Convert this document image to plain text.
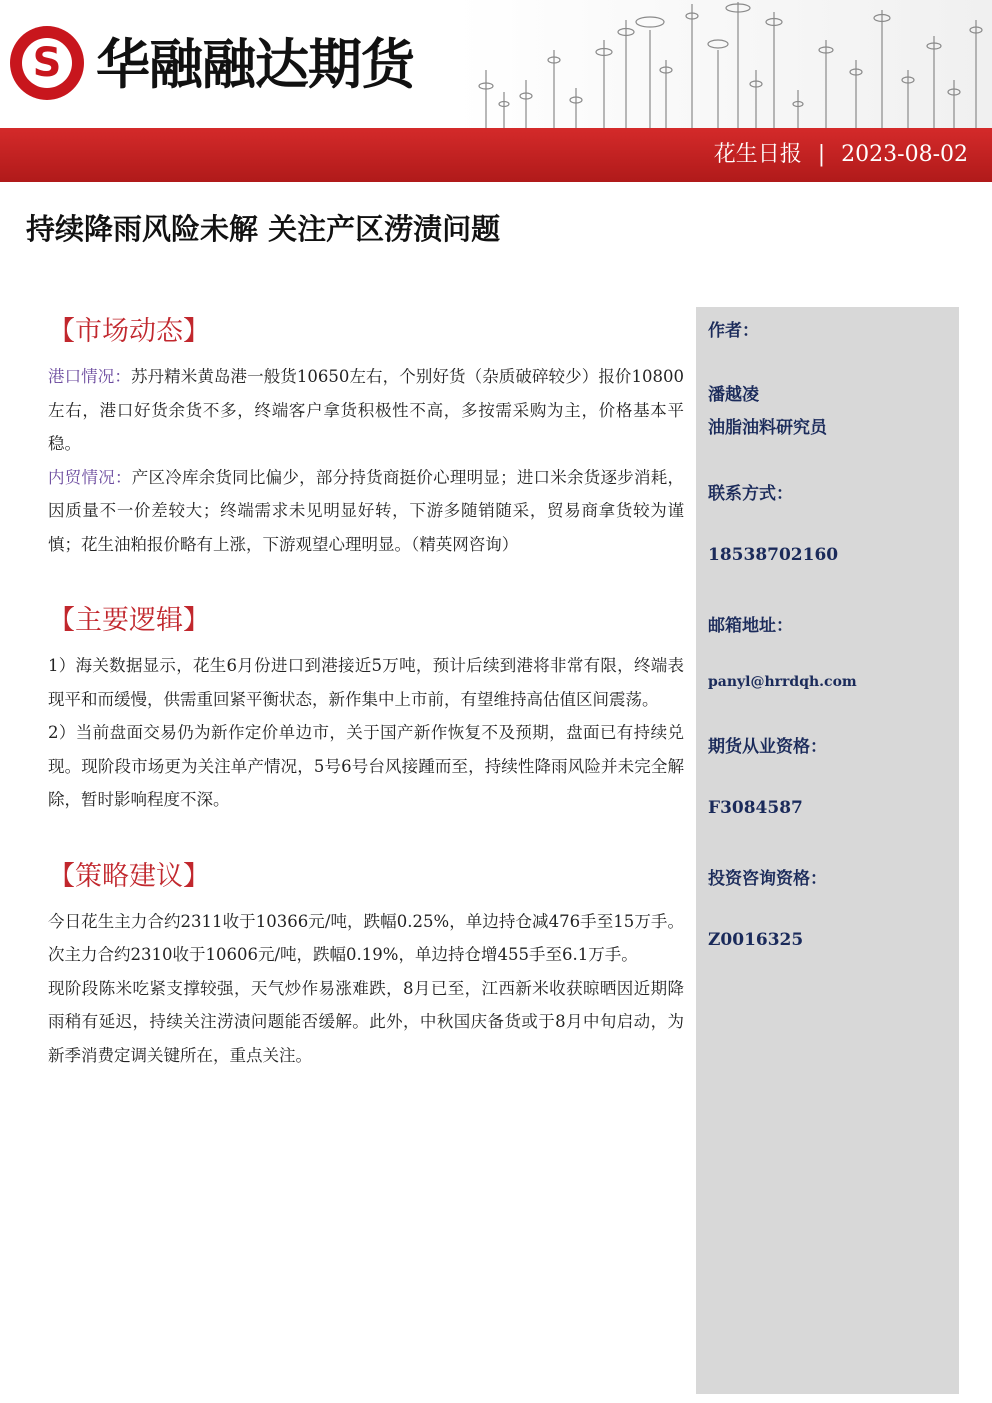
S 华融融达期货
花生日报 | 2023-08-02
持续降雨风险未解 关注产区涝渍问题
作者：
潘越凌
油脂油料研究员
联系方式：
18538702160
邮箱地址：
panyl@hrrdqh.com
期货从业资格：
F3084587
投资咨询资格：
Z0016325
【市场动态】

港口情况：苏丹精米黄岛港一般货10650左右，个别好货（杂质破碎较少）报价10800左右，港口好货余货不多，终端客户拿货积极性不高，多按需采购为主，价格基本平稳。

内贸情况：产区冷库余货同比偏少，部分持货商挺价心理明显；进口米余货逐步消耗，因质量不一价差较大；终端需求未见明显好转，下游多随销随采，贸易商拿货较为谨慎；花生油粕报价略有上涨，下游观望心理明显。（精英网咨询）

【主要逻辑】

1）海关数据显示，花生6月份进口到港接近5万吨，预计后续到港将非常有限，终端表现平和而缓慢，供需重回紧平衡状态，新作集中上市前，有望维持高估值区间震荡。

2）当前盘面交易仍为新作定价单边市，关于国产新作恢复不及预期，盘面已有持续兑现。现阶段市场更为关注单产情况，5号6号台风接踵而至，持续性降雨风险并未完全解除，暂时影响程度不深。

【策略建议】

今日花生主力合约2311收于10366元/吨，跌幅0.25%，单边持仓减476手至15万手。次主力合约2310收于10606元/吨，跌幅0.19%，单边持仓增455手至6.1万手。

现阶段陈米吃紧支撑较强，天气炒作易涨难跌，8月已至，江西新米收获晾晒因近期降雨稍有延迟，持续关注涝渍问题能否缓解。此外，中秋国庆备货或于8月中旬启动，为新季消费定调关键所在，重点关注。
